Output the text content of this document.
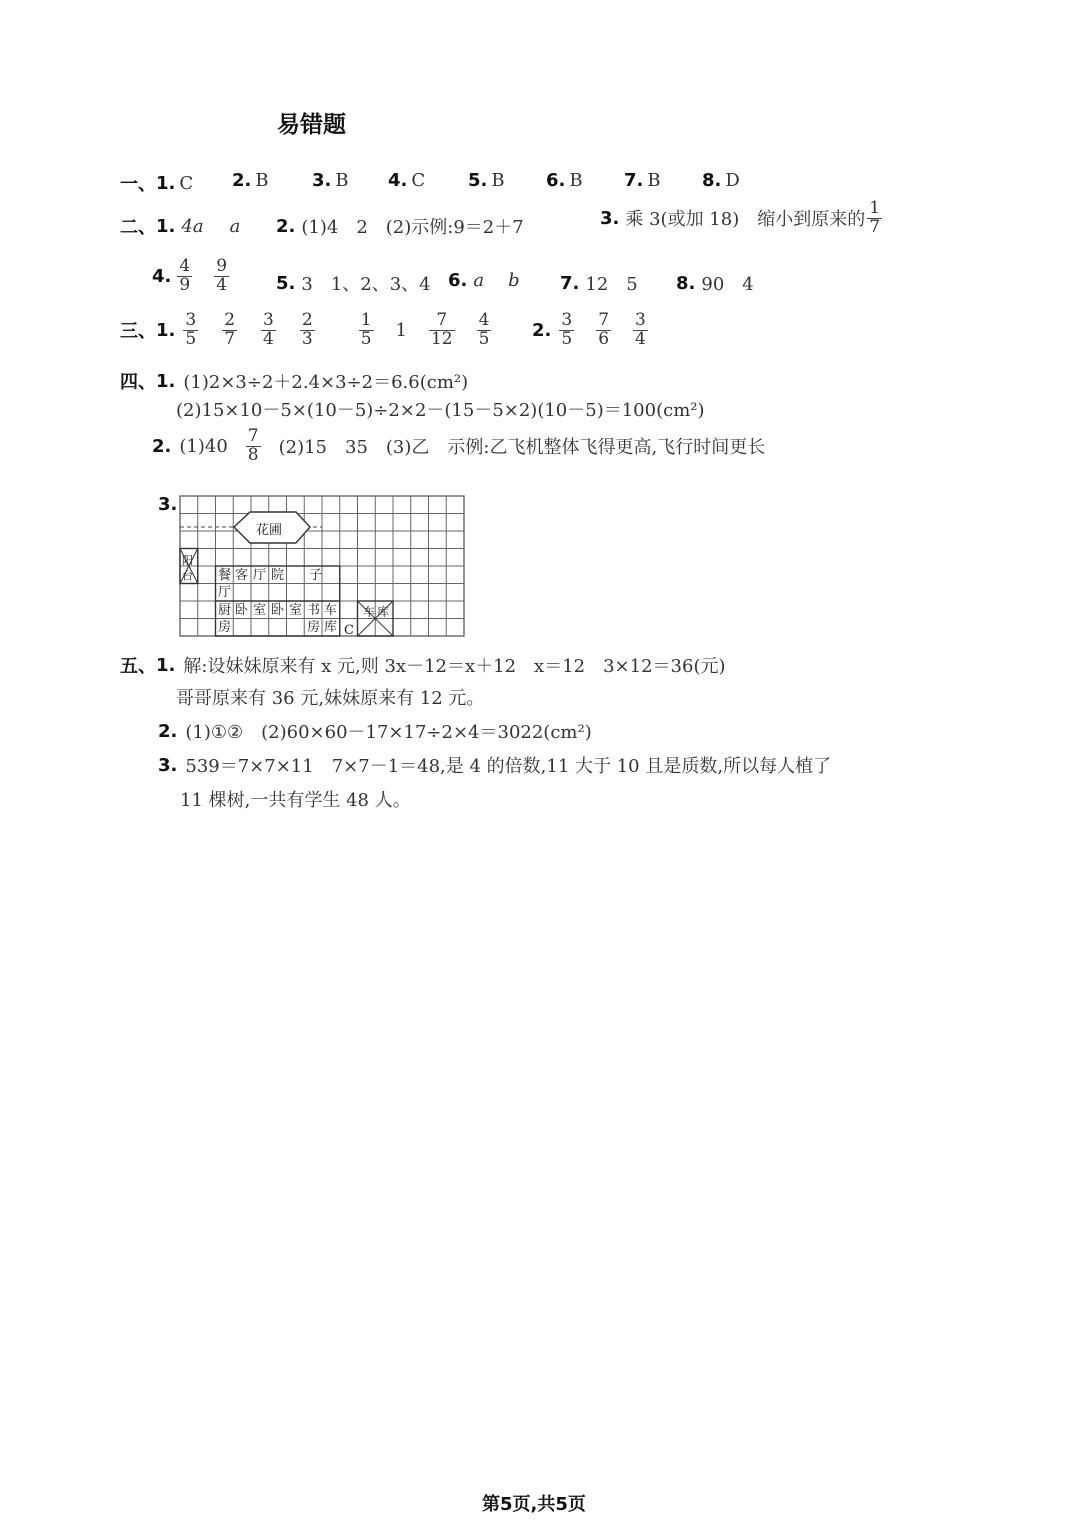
易错题
一、 1. C 2. B 3. B 4. C 5. B 6. B 7. B 8. D
二、 1. 4a a 2. (1)4　2　(2)示例:9＝2＋7	3. 乘 3(或加 18)　缩小到原来的 $\frac{1}{7}$
4. $\frac{4}{9} \frac{9}{4}$	5. 3　1、2、3、4 6. a b 7. 12　5 8. 90　4
三、 1. $\frac{3}{5} \frac{2}{7} \frac{3}{4} \frac{2}{3}$	$\frac{1}{5} 1 \frac{7}{12} \frac{4}{5} 2$. $\frac{3}{5} \frac{7}{6} \frac{3}{4}$
四、 1. (1)2×3÷2＋2.4×3÷2＝6.6(cm²)
(2)15×10－5×(10－5)÷2×2－(15－5×2)(10－5)＝100(cm²)
2. $(1)40 \frac{7}{8} (2)15$　35　(3)乙　示例:乙飞机整体飞得更高,飞行时间更长
3.
花圃
阳
台
车 库
餐 客 厅 院 子
厅
厨 卧 室 卧 室 书 车
房	房 库 C
五、 1. 解:设妹妹原来有 x 元,则 3x－12＝x＋12　x＝12　3×12＝36(元)
哥哥原来有 36 元,妹妹原来有 12 元。
2. (1)①②　(2)60×60－17×17÷2×4＝3022(cm²)
3. 539＝7×7×11　7×7－1＝48,是 4 的倍数,11 大于 10 且是质数,所以每人植了
11 棵树,一共有学生 48 人。
第5页,共5页
